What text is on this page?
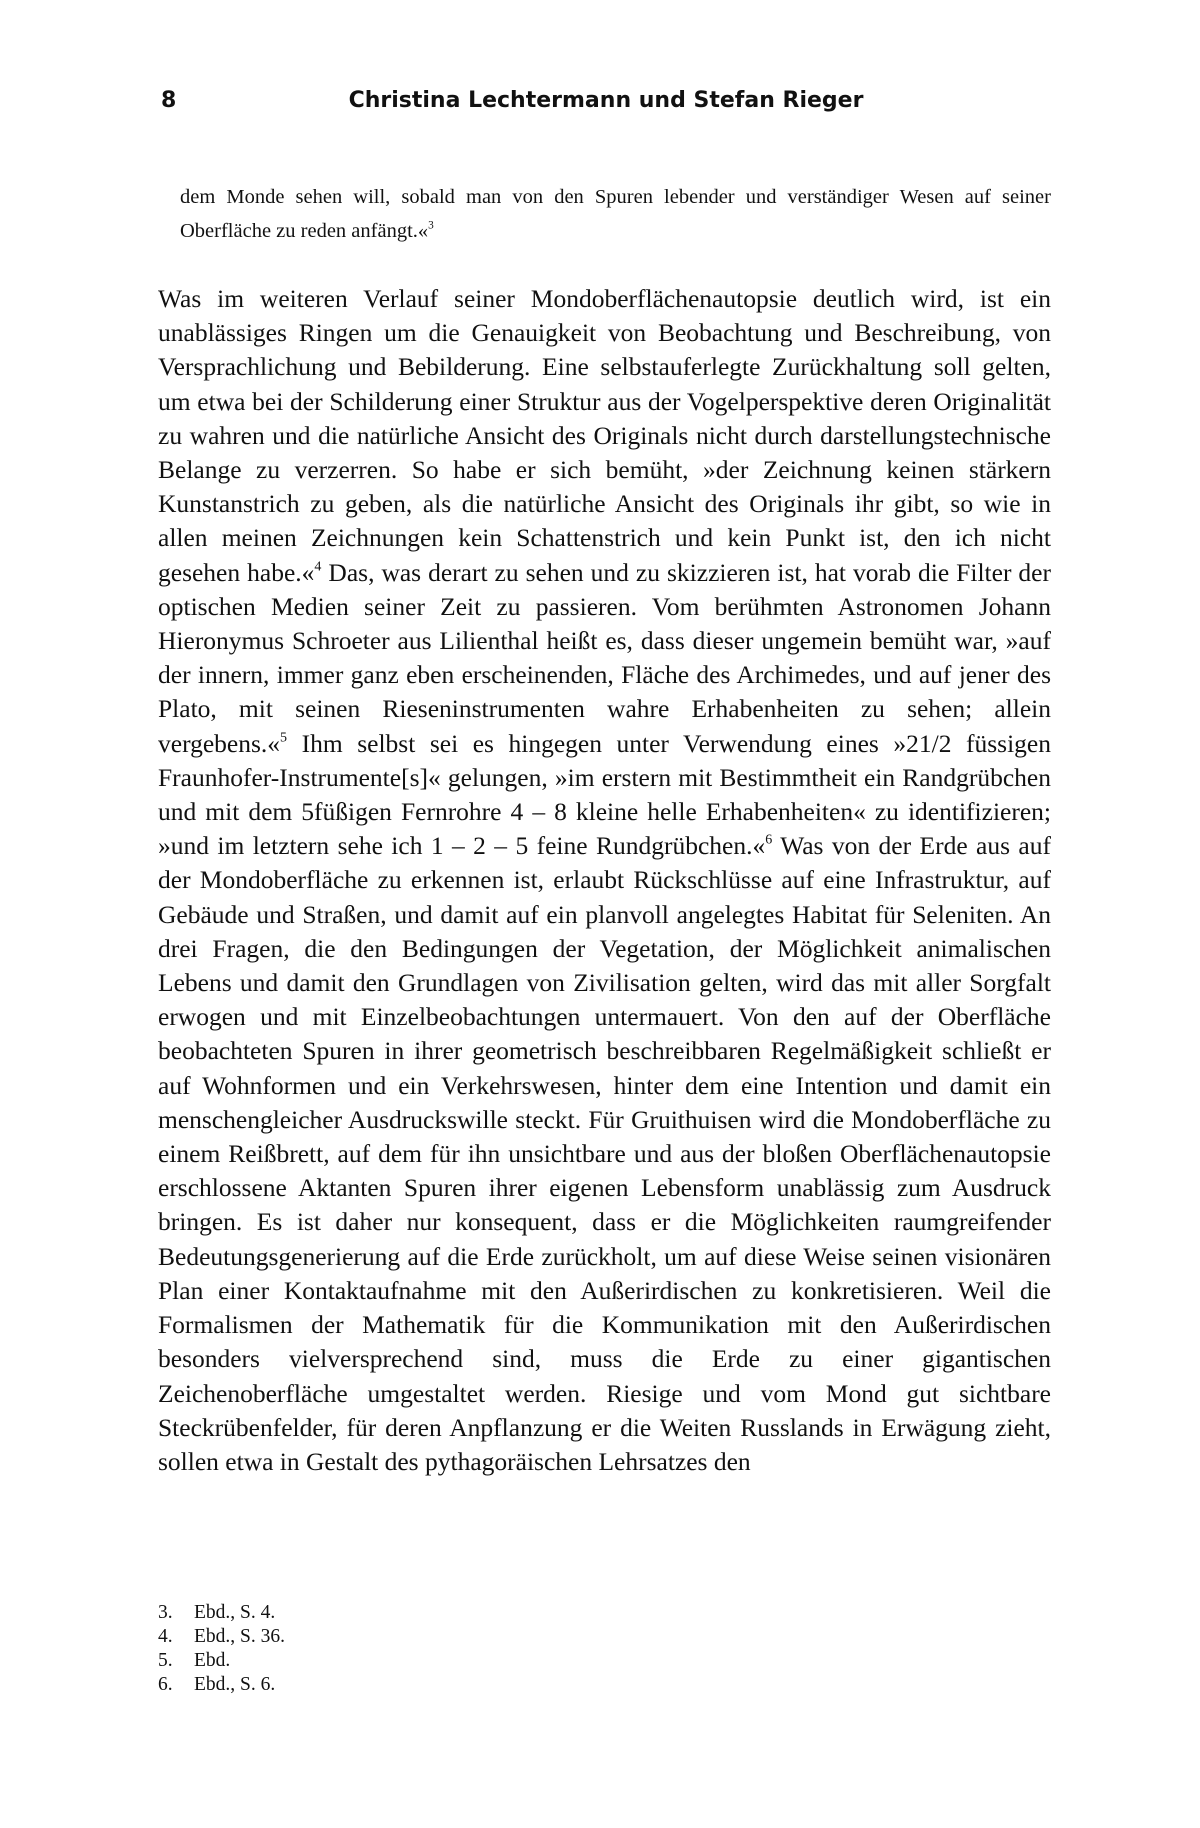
8	Christina Lechtermann und Stefan Rieger
dem Monde sehen will, sobald man von den Spuren lebender und verständiger Wesen auf seiner Oberfläche zu reden anfängt.«$^3$

Was im weiteren Verlauf seiner Mondoberflächenautopsie deutlich wird, ist ein unablässiges Ringen um die Genauigkeit von Beobachtung und Beschreibung, von Versprachlichung und Bebilderung. Eine selbstauferlegte Zurückhaltung soll gelten, um etwa bei der Schilderung einer Struktur aus der Vogelperspektive deren Originalität zu wahren und die natürliche Ansicht des Originals nicht durch darstellungstechnische Belange zu verzerren. So habe er sich bemüht, »der Zeichnung keinen stärkern Kunstanstrich zu geben, als die natürliche Ansicht des Originals ihr gibt, so wie in allen meinen Zeichnungen kein Schattenstrich und kein Punkt ist, den ich nicht gesehen habe.«$^4$ Das, was derart zu sehen und zu skizzieren ist, hat vorab die Filter der optischen Medien seiner Zeit zu passieren. Vom berühmten Astronomen Johann Hieronymus Schroeter aus Lilienthal heißt es, dass dieser ungemein bemüht war, »auf der innern, immer ganz eben erscheinenden, Fläche des Archimedes, und auf jener des Plato, mit seinen Rieseninstrumenten wahre Erhabenheiten zu sehen; allein vergebens.«$^5$ Ihm selbst sei es hingegen unter Verwendung eines »21/2 füssigen Fraunhofer-Instrumente[s]« gelungen, »im erstern mit Bestimmtheit ein Randgrübchen und mit dem 5füßigen Fernrohre 4 – 8 kleine helle Erhabenheiten« zu identifizieren; »und im letztern sehe ich 1 – 2 – 5 feine Rundgrübchen.«$^6$ Was von der Erde aus auf der Mondoberfläche zu erkennen ist, erlaubt Rückschlüsse auf eine Infrastruktur, auf Gebäude und Straßen, und damit auf ein planvoll angelegtes Habitat für Seleniten. An drei Fragen, die den Bedingungen der Vegetation, der Möglichkeit animalischen Lebens und damit den Grundlagen von Zivilisation gelten, wird das mit aller Sorgfalt erwogen und mit Einzelbeobachtungen untermauert. Von den auf der Oberfläche beobachteten Spuren in ihrer geometrisch beschreibbaren Regelmäßigkeit schließt er auf Wohnformen und ein Verkehrswesen, hinter dem eine Intention und damit ein menschengleicher Ausdruckswille steckt. Für Gruithuisen wird die Mondoberfläche zu einem Reißbrett, auf dem für ihn unsichtbare und aus der bloßen Oberflächenautopsie erschlossene Aktanten Spuren ihrer eigenen Lebensform unablässig zum Ausdruck bringen. Es ist daher nur konsequent, dass er die Möglichkeiten raumgreifender Bedeutungsgenerierung auf die Erde zurückholt, um auf diese Weise seinen visionären Plan einer Kontaktaufnahme mit den Außerirdischen zu konkretisieren. Weil die Formalismen der Mathematik für die Kommunikation mit den Außerirdischen besonders vielversprechend sind, muss die Erde zu einer gigantischen Zeichenoberfläche umgestaltet werden. Riesige und vom Mond gut sichtbare Steckrübenfelder, für deren Anpflanzung er die Weiten Russlands in Erwägung zieht, sollen etwa in Gestalt des pythagoräischen Lehrsatzes den

3.	Ebd., S. 4.
4.	Ebd., S. 36.
5.	Ebd.
6.	Ebd., S. 6.
